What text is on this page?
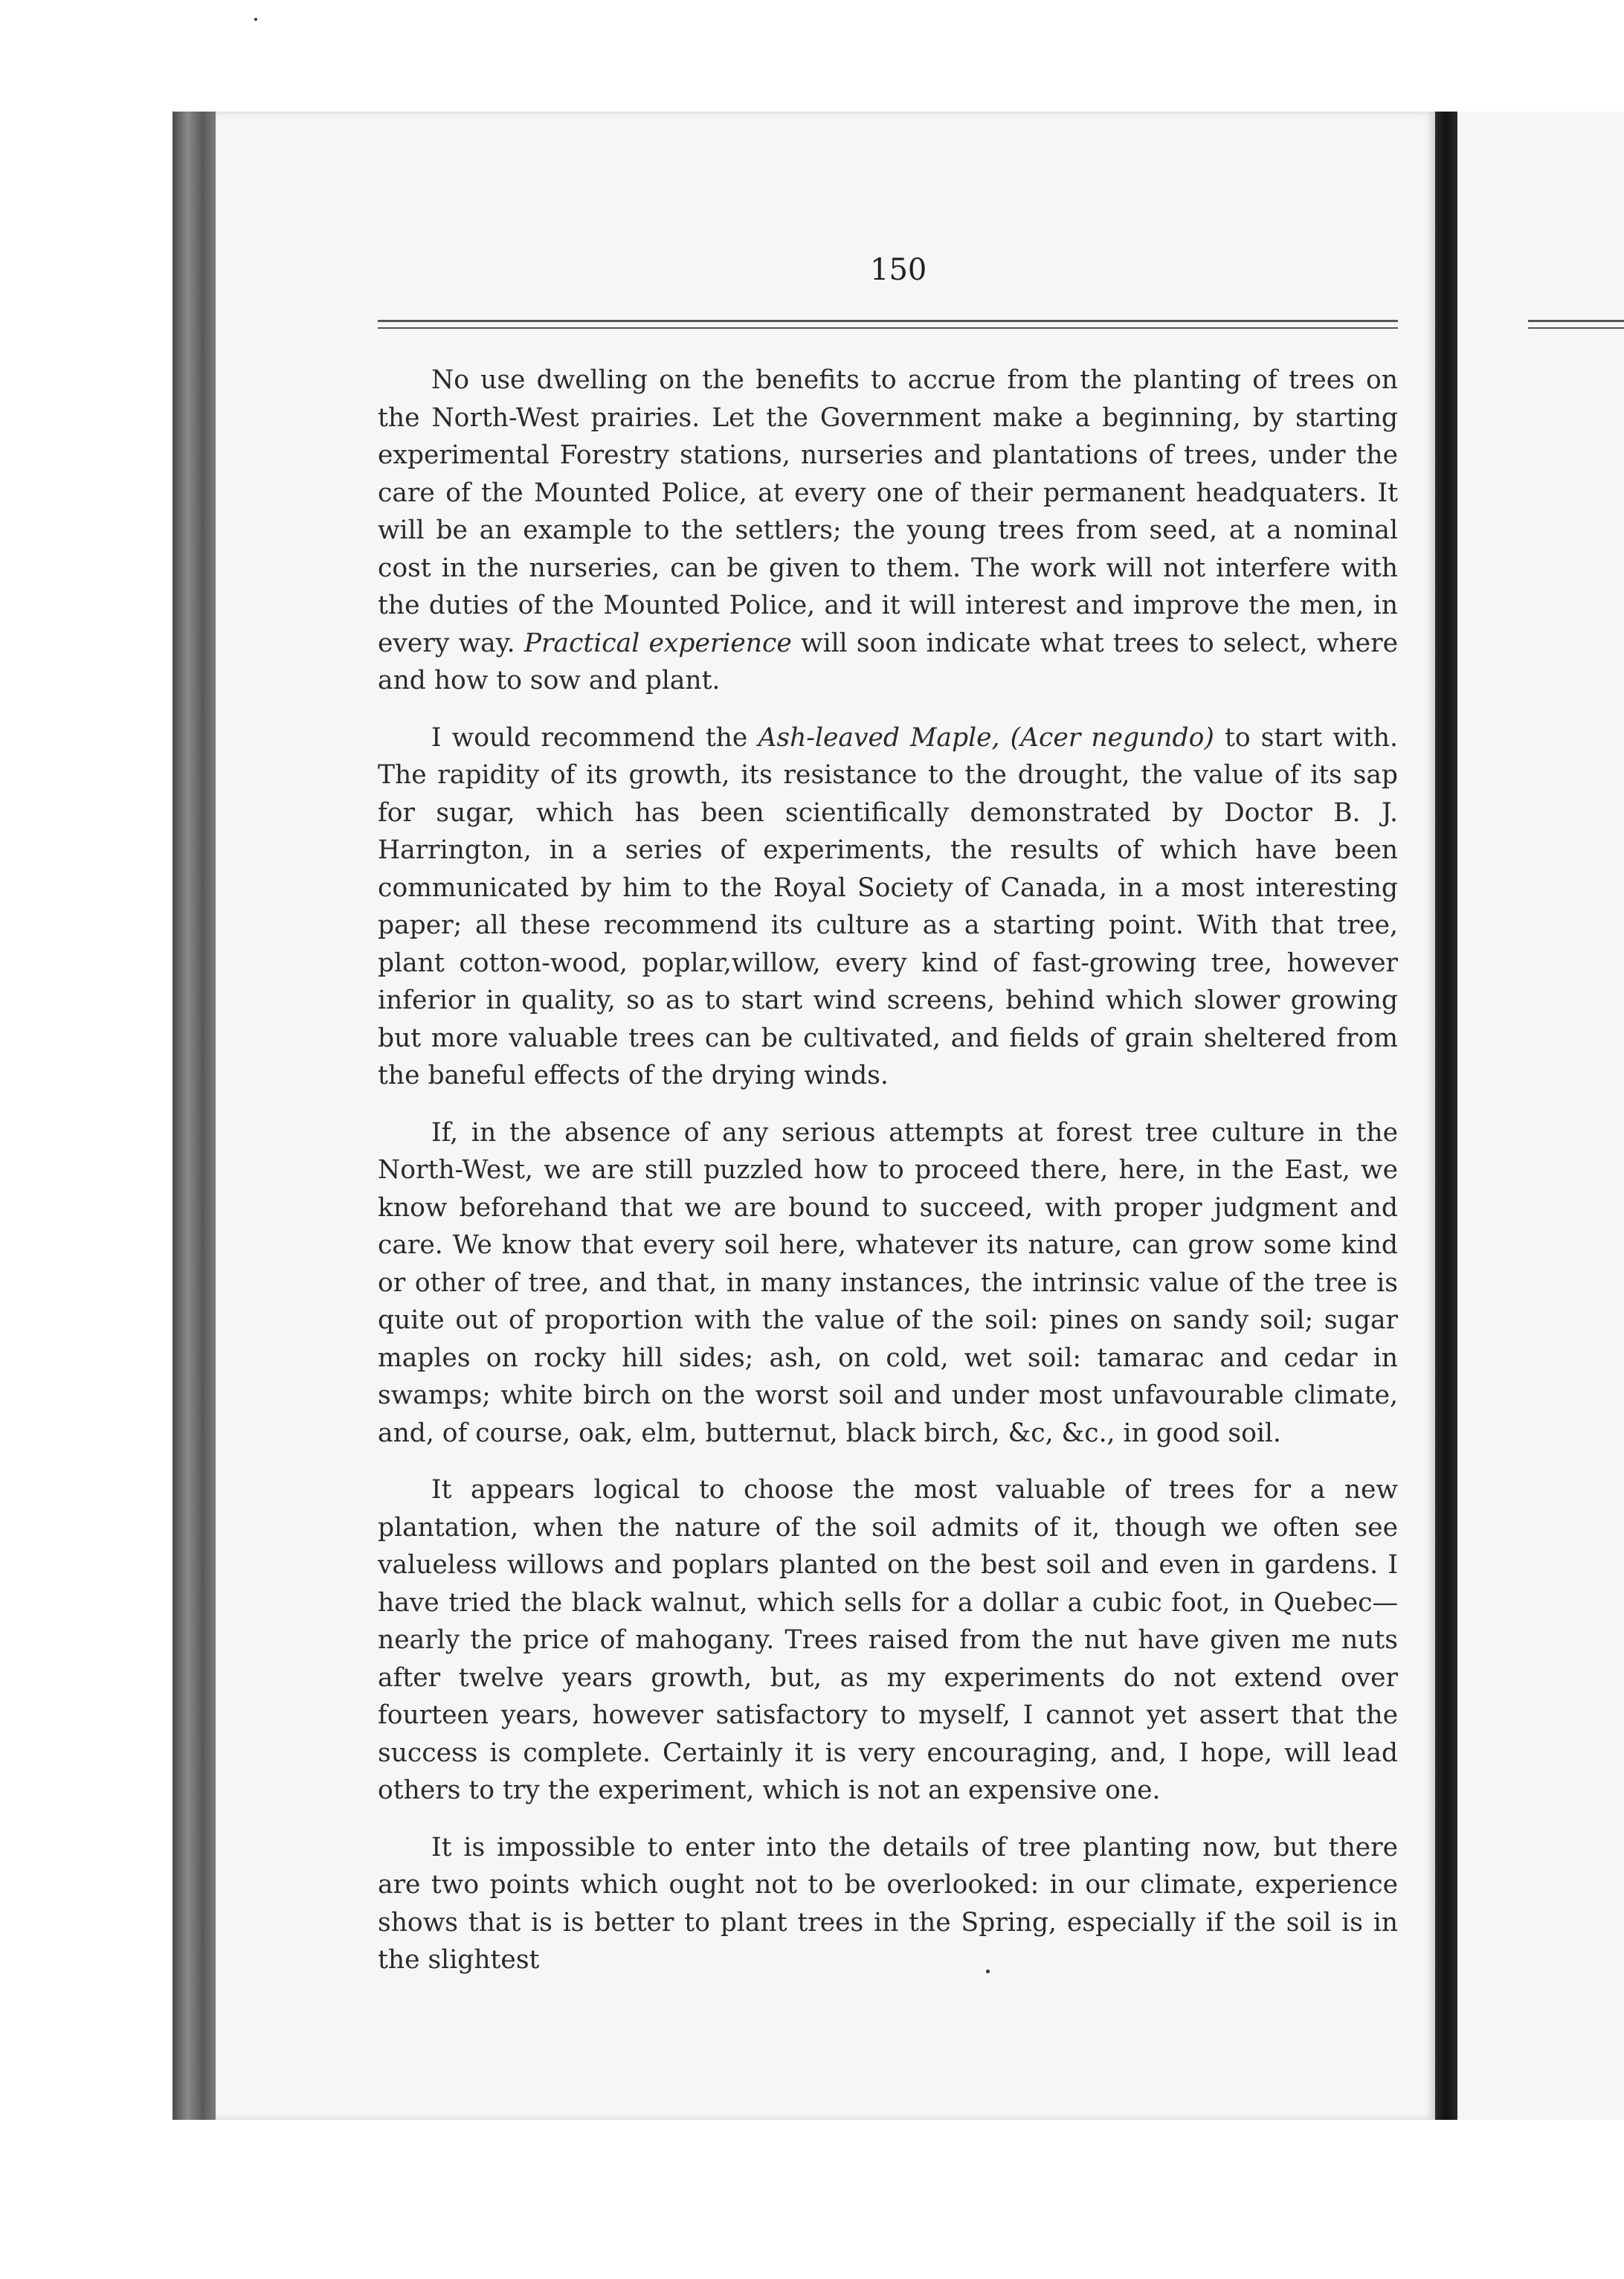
150

No use dwelling on the benefits to accrue from the planting of trees on the North-West prairies. Let the Government make a beginning, by starting experimental Forestry stations, nurseries and plantations of trees, under the care of the Mounted Police, at every one of their permanent headquaters. It will be an example to the settlers; the young trees from seed, at a nominal cost in the nurseries, can be given to them. The work will not interfere with the duties of the Mounted Police, and it will interest and improve the men, in every way. Practical experience will soon indicate what trees to select, where and how to sow and plant.

I would recommend the Ash-leaved Maple, (Acer negundo) to start with. The rapidity of its growth, its resistance to the drought, the value of its sap for sugar, which has been scientifically demonstrated by Doctor B. J. Harrington, in a series of experiments, the results of which have been communicated by him to the Royal Society of Canada, in a most interesting paper; all these recommend its culture as a starting point. With that tree, plant cotton-wood, poplar,willow, every kind of fast-growing tree, however inferior in quality, so as to start wind screens, behind which slower growing but more valuable trees can be cultivated, and fields of grain sheltered from the baneful effects of the drying winds.

If, in the absence of any serious attempts at forest tree culture in the North-West, we are still puzzled how to proceed there, here, in the East, we know beforehand that we are bound to succeed, with proper judgment and care. We know that every soil here, whatever its nature, can grow some kind or other of tree, and that, in many instances, the intrinsic value of the tree is quite out of proportion with the value of the soil: pines on sandy soil; sugar maples on rocky hill sides; ash, on cold, wet soil: tamarac and cedar in swamps; white birch on the worst soil and under most unfavourable climate, and, of course, oak, elm, butternut, black birch, &c, &c., in good soil.

It appears logical to choose the most valuable of trees for a new plantation, when the nature of the soil admits of it, though we often see valueless willows and poplars planted on the best soil and even in gardens. I have tried the black walnut, which sells for a dollar a cubic foot, in Quebec—nearly the price of mahogany. Trees raised from the nut have given me nuts after twelve years growth, but, as my experiments do not extend over fourteen years, however satisfactory to myself, I cannot yet assert that the success is complete. Certainly it is very encouraging, and, I hope, will lead others to try the experiment, which is not an expensive one.

It is impossible to enter into the details of tree planting now, but there are two points which ought not to be overlooked: in our climate, experience shows that is is better to plant trees in the Spring, especially if the soil is in the slightest
